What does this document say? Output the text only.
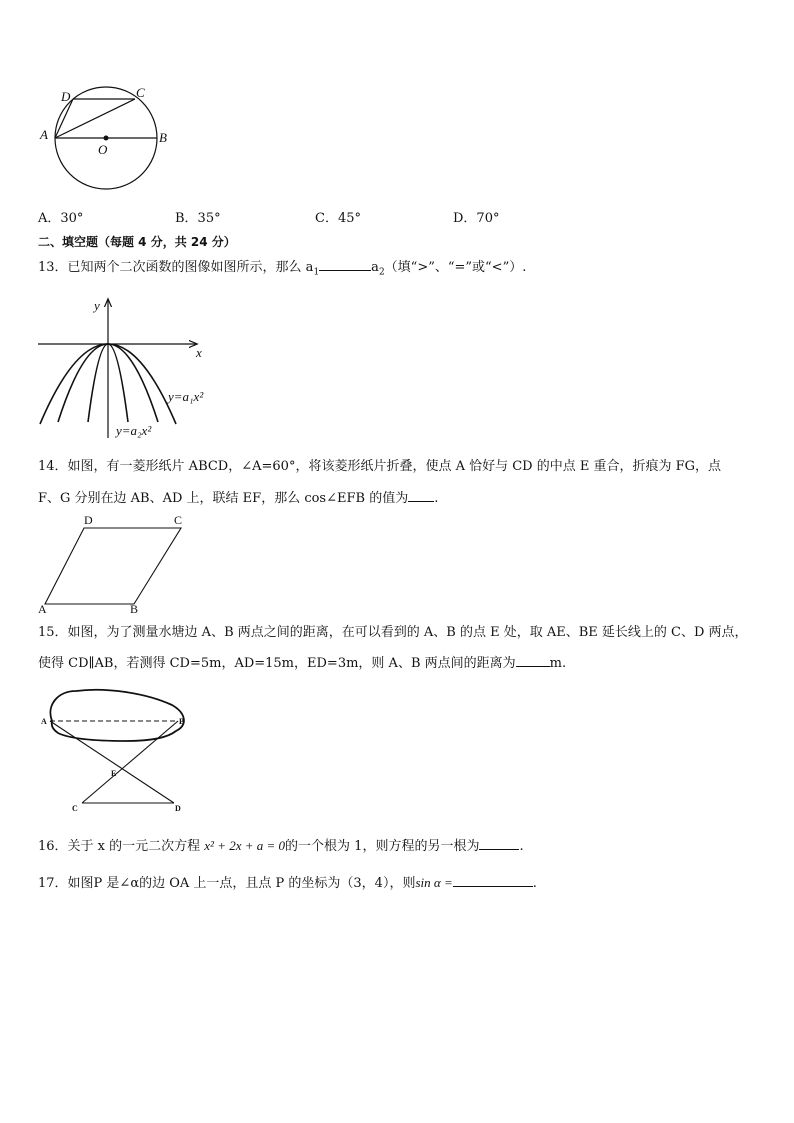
D	C
A	B
O
A．30°	B．35°	C．45°	D．70°
二、填空题（每题 4 分，共 24 分）
13．已知两个二次函数的图像如图所示，那么 $a_1$	$a_2$（填“>”、“=”或“<”）.
y
x
y=a₁x²
y=a₂x²
14．如图，有一菱形纸片 ABCD，∠A=60°，将该菱形纸片折叠，使点 A 恰好与 CD 的中点 E 重合，折痕为 FG，点
F、G 分别在边 AB、AD 上，联结 EF，那么 cos∠EFB 的值为 .
D	C
A	B
15．如图，为了测量水塘边 A、B 两点之间的距离，在可以看到的 A、B 的点 E 处，取 AE、BE 延长线上的 C、D 两点，
使得 CD∥AB，若测得 CD=5m，AD=15m，ED=3m，则 A、B 两点间的距离为	m.
A	B
E
C	D
16．关于 x 的一元二次方程 x² + 2x + a = 0的一个根为 1，则方程的另一根为	.
17．如图P 是∠α的边 OA 上一点，且点 P 的坐标为（3，4），则sin α =	.
